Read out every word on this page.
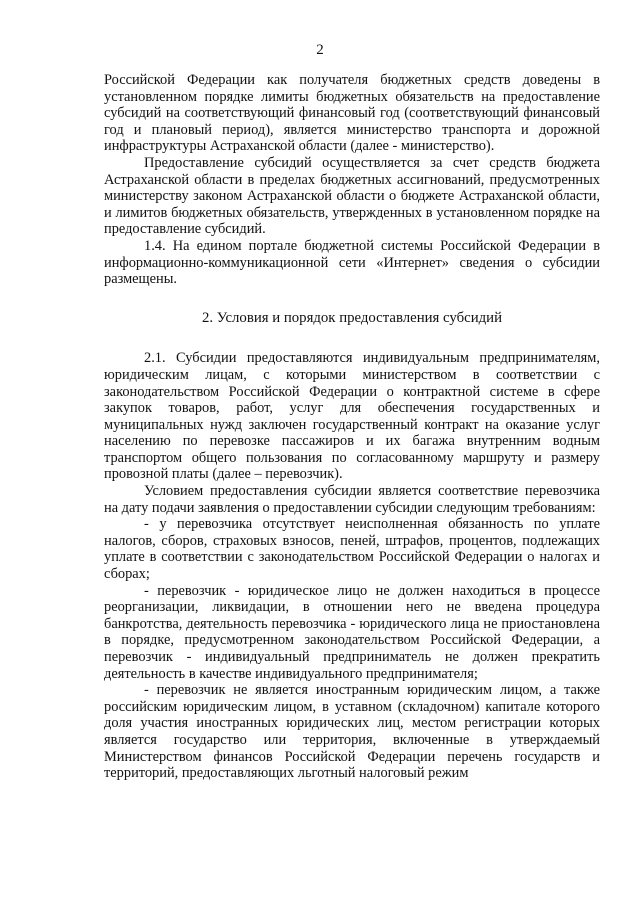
2

Российской Федерации как получателя бюджетных средств доведены в установленном порядке лимиты бюджетных обязательств на предоставление субсидий на соответствующий финансовый год (соответствующий финансовый год и плановый период), является министерство транспорта и дорожной инфраструктуры Астраханской области (далее - министерство).

Предоставление субсидий осуществляется за счет средств бюджета Астраханской области в пределах бюджетных ассигнований, предусмотренных министерству законом Астраханской области о бюджете Астраханской области, и лимитов бюджетных обязательств, утвержденных в установленном порядке на предоставление субсидий.

1.4. На едином портале бюджетной системы Российской Федерации в информационно-коммуникационной сети «Интернет» сведения о субсидии размещены.

2. Условия и порядок предоставления субсидий

2.1. Субсидии предоставляются индивидуальным предпринимателям, юридическим лицам, с которыми министерством в соответствии с законодательством Российской Федерации о контрактной системе в сфере закупок товаров, работ, услуг для обеспечения государственных и муниципальных нужд заключен государственный контракт на оказание услуг населению по перевозке пассажиров и их багажа внутренним водным транспортом общего пользования по согласованному маршруту и размеру провозной платы (далее – перевозчик).

Условием предоставления субсидии является соответствие перевозчика на дату подачи заявления о предоставлении субсидии следующим требованиям:

- у перевозчика отсутствует неисполненная обязанность по уплате налогов, сборов, страховых взносов, пеней, штрафов, процентов, подлежащих уплате в соответствии с законодательством Российской Федерации о налогах и сборах;

- перевозчик - юридическое лицо не должен находиться в процессе реорганизации, ликвидации, в отношении него не введена процедура банкротства, деятельность перевозчика - юридического лица не приостановлена в порядке, предусмотренном законодательством Российской Федерации, а перевозчик - индивидуальный предприниматель не должен прекратить деятельность в качестве индивидуального предпринимателя;

- перевозчик не является иностранным юридическим лицом, а также российским юридическим лицом, в уставном (складочном) капитале которого доля участия иностранных юридических лиц, местом регистрации которых является государство или территория, включенные в утверждаемый Министерством финансов Российской Федерации перечень государств и территорий, предоставляющих льготный налоговый режим
